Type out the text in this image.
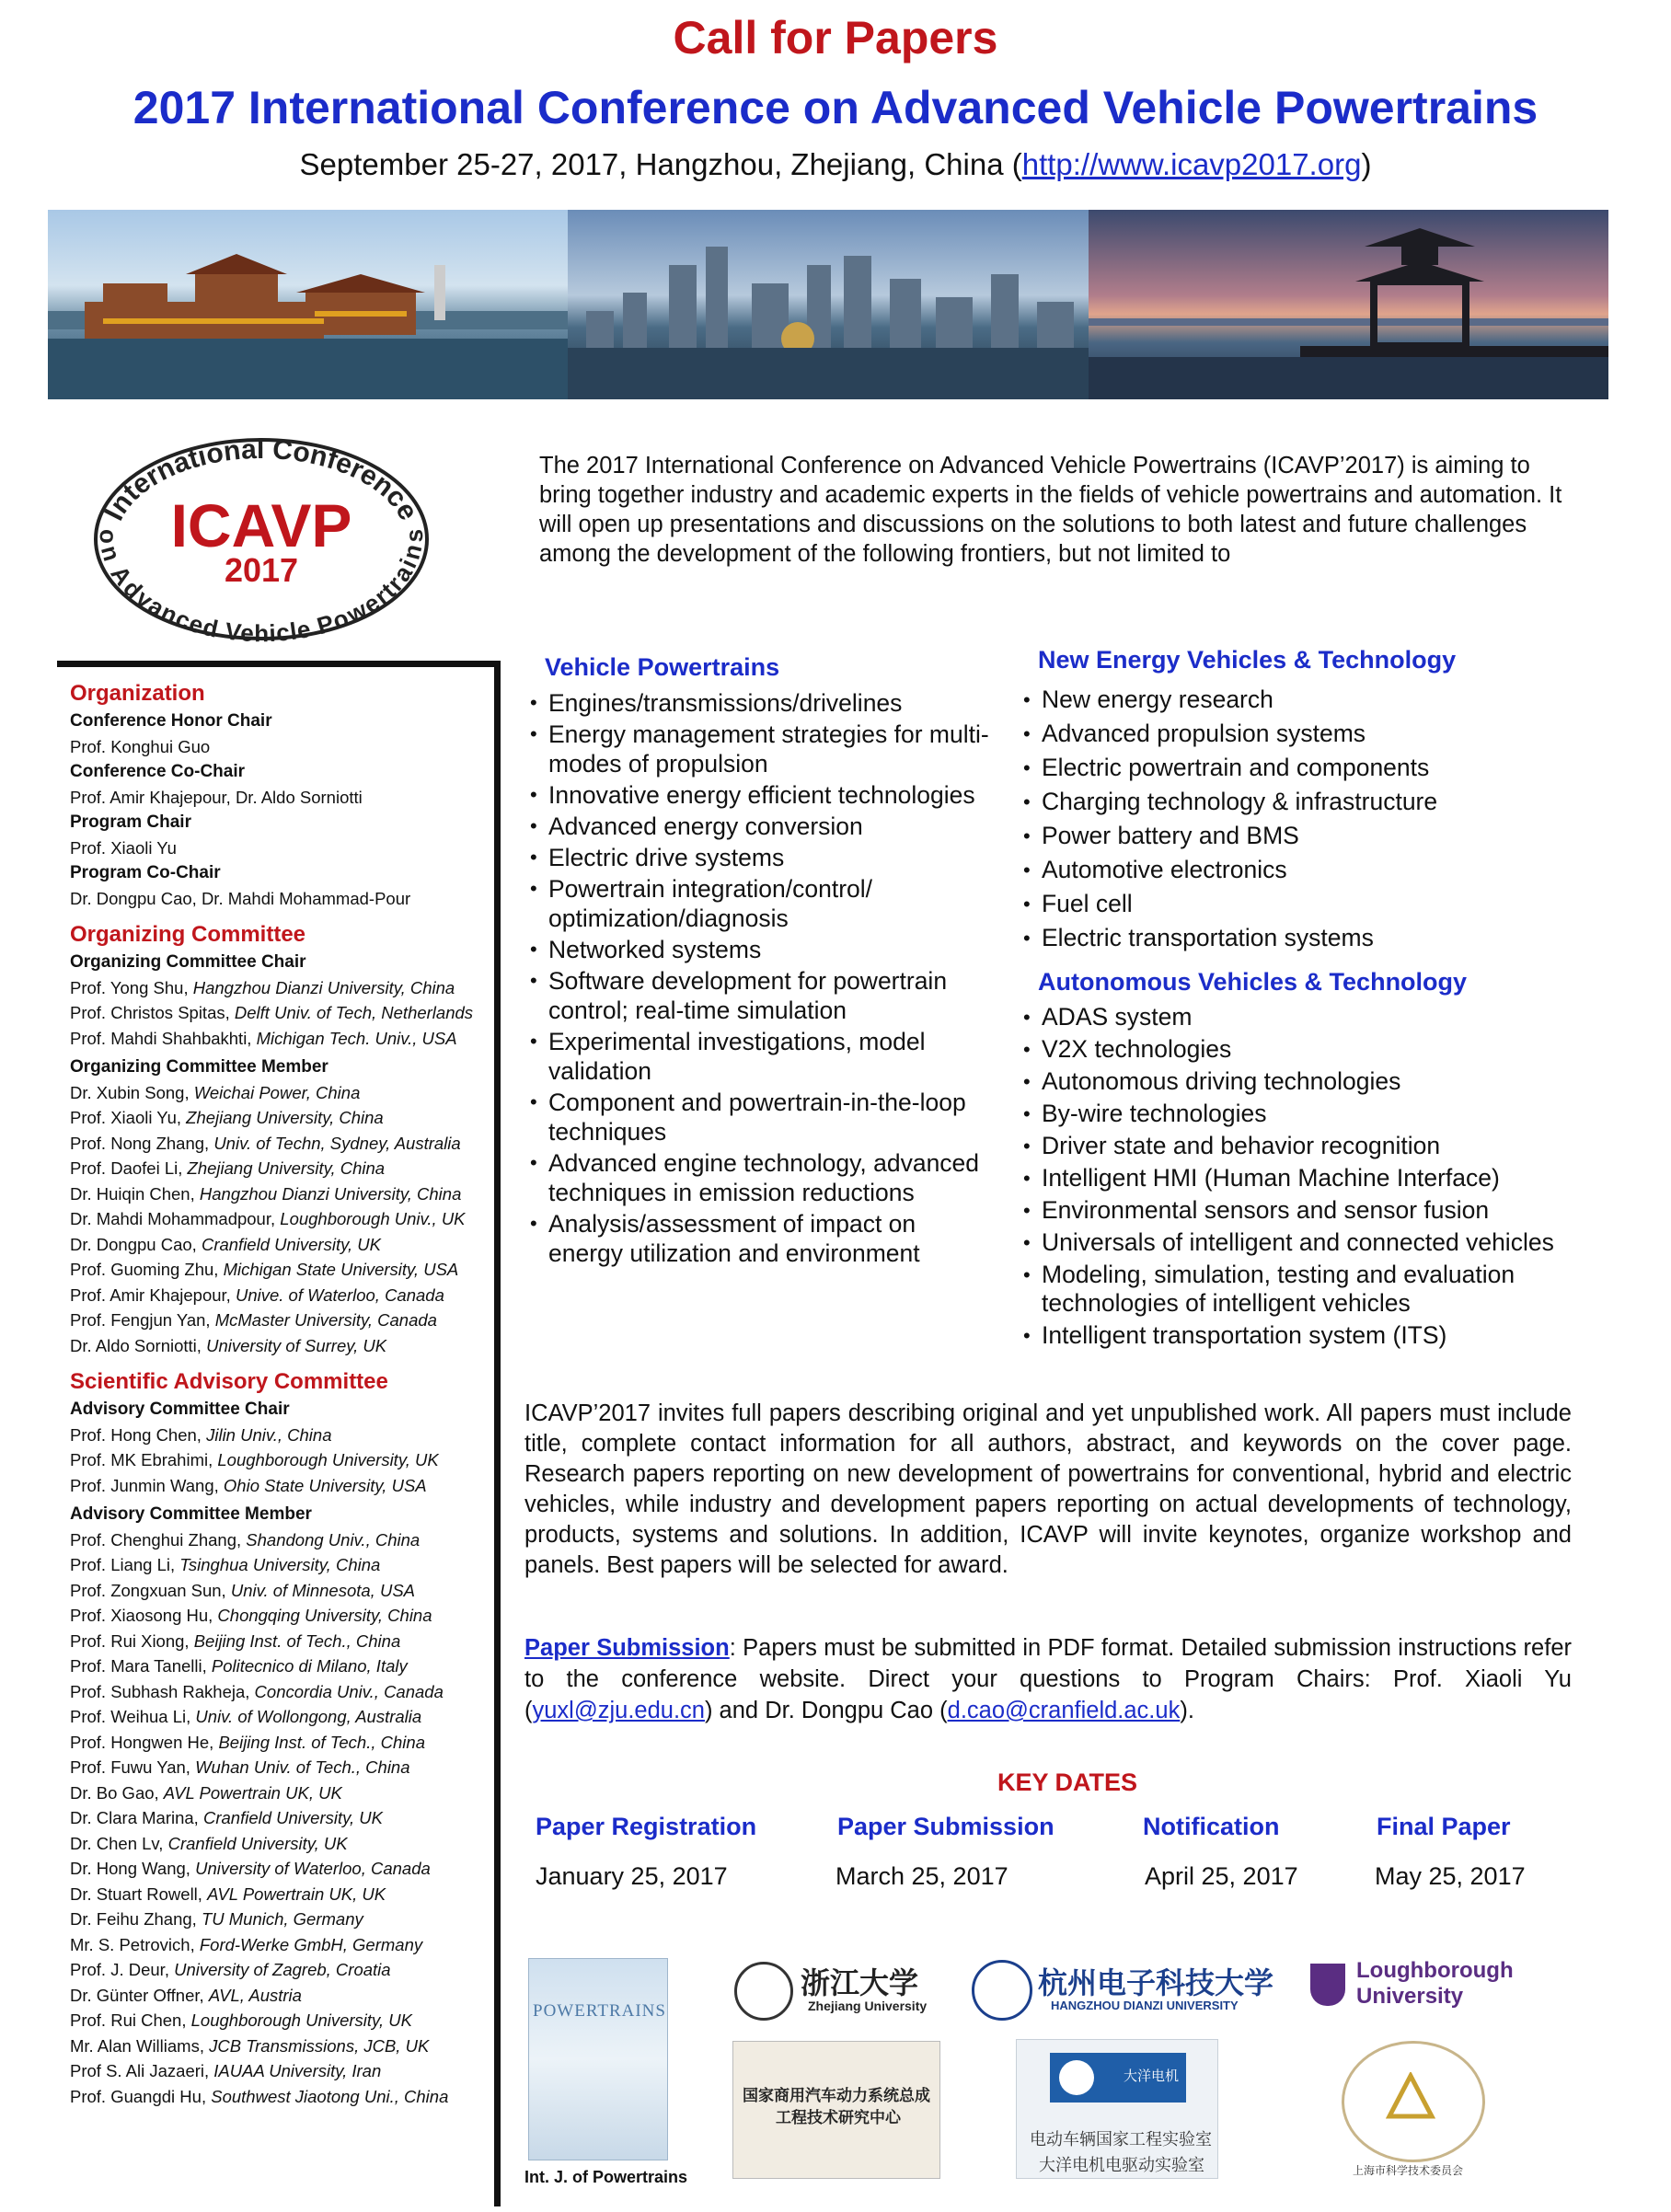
Call for Papers
2017 International Conference on Advanced Vehicle Powertrains
September 25-27, 2017, Hangzhou, Zhejiang, China (http://www.icavp2017.org)
International Conference
on Advanced Vehicle Powertrains
ICAVP
2017
The 2017 International Conference on Advanced Vehicle Powertrains (ICAVP’2017) is aiming to bring together industry and academic experts in the fields of vehicle powertrains and automation. It will open up presentations and discussions on the solutions to both latest and future challenges among the development of the following frontiers, but not limited to
Organization
Conference Honor Chair
Prof. Konghui Guo
Conference Co-Chair
Prof. Amir Khajepour, Dr. Aldo Sorniotti
Program Chair
Prof. Xiaoli Yu
Program Co-Chair
Dr. Dongpu Cao, Dr. Mahdi Mohammad-Pour
Organizing Committee
Organizing Committee Chair
Prof. Yong Shu, Hangzhou Dianzi University, China
Prof. Christos Spitas, Delft Univ. of Tech, Netherlands
Prof. Mahdi Shahbakhti, Michigan Tech. Univ., USA
Organizing Committee Member
Dr. Xubin Song, Weichai Power, China
Prof. Xiaoli Yu, Zhejiang University, China
Prof. Nong Zhang, Univ. of Techn, Sydney, Australia
Prof. Daofei Li, Zhejiang University, China
Dr. Huiqin Chen, Hangzhou Dianzi University, China
Dr. Mahdi Mohammadpour, Loughborough Univ., UK
Dr. Dongpu Cao, Cranfield University, UK
Prof. Guoming Zhu, Michigan State University, USA
Prof. Amir Khajepour, Unive. of Waterloo, Canada
Prof. Fengjun Yan, McMaster University, Canada
Dr. Aldo Sorniotti, University of Surrey, UK
Scientific Advisory Committee
Advisory Committee Chair
Prof. Hong Chen, Jilin Univ., China
Prof. MK Ebrahimi, Loughborough University, UK
Prof. Junmin Wang, Ohio State University, USA
Advisory Committee Member
Prof. Chenghui Zhang, Shandong Univ., China
Prof. Liang Li, Tsinghua University, China
Prof. Zongxuan Sun, Univ. of Minnesota, USA
Prof. Xiaosong Hu, Chongqing University, China
Prof. Rui Xiong, Beijing Inst. of Tech., China
Prof. Mara Tanelli, Politecnico di Milano, Italy
Prof. Subhash Rakheja, Concordia Univ., Canada
Prof. Weihua Li, Univ. of Wollongong, Australia
Prof. Hongwen He, Beijing Inst. of Tech., China
Prof. Fuwu Yan, Wuhan Univ. of Tech., China
Dr. Bo Gao, AVL Powertrain UK, UK
Dr. Clara Marina, Cranfield University, UK
Dr. Chen Lv, Cranfield University, UK
Dr. Hong Wang, University of Waterloo, Canada
Dr. Stuart Rowell, AVL Powertrain UK, UK
Dr. Feihu Zhang, TU Munich, Germany
Mr. S. Petrovich, Ford-Werke GmbH, Germany
Prof. J. Deur, University of Zagreb, Croatia
Dr. Günter Offner, AVL, Austria
Prof. Rui Chen, Loughborough University, UK
Mr. Alan Williams, JCB Transmissions, JCB, UK
Prof S. Ali Jazaeri, IAUAA University, Iran
Prof. Guangdi Hu, Southwest Jiaotong Uni., China
Vehicle Powertrains
• Engines/transmissions/drivelines
• Energy management strategies for multi-modes of propulsion
• Innovative energy efficient technologies
• Advanced energy conversion
• Electric drive systems
• Powertrain integration/control/ optimization/diagnosis
• Networked systems
• Software development for powertrain control; real-time simulation
• Experimental investigations, model validation
• Component and powertrain-in-the-loop techniques
• Advanced engine technology, advanced techniques in emission reductions
• Analysis/assessment of impact on energy utilization and environment
New Energy Vehicles & Technology
• New energy research
• Advanced propulsion systems
• Electric powertrain and components
• Charging technology & infrastructure
• Power battery and BMS
• Automotive electronics
• Fuel cell
• Electric transportation systems
Autonomous Vehicles & Technology
• ADAS system
• V2X technologies
• Autonomous driving technologies
• By-wire technologies
• Driver state and behavior recognition
• Intelligent HMI (Human Machine Interface)
• Environmental sensors and sensor fusion
• Universals of intelligent and connected vehicles
• Modeling, simulation, testing and evaluation technologies of intelligent vehicles
• Intelligent transportation system (ITS)
ICAVP’2017 invites full papers describing original and yet unpublished work. All papers must include title, complete contact information for all authors, abstract, and keywords on the cover page. Research papers reporting on new development of powertrains for conventional, hybrid and electric vehicles, while industry and development papers reporting on actual developments of technology, products, systems and solutions. In addition, ICAVP will invite keynotes, organize workshop and panels. Best papers will be selected for award.
Paper Submission: Papers must be submitted in PDF format. Detailed submission instructions refer to the conference website. Direct your questions to Program Chairs: Prof. Xiaoli Yu (yuxl@zju.edu.cn) and Dr. Dongpu Cao (d.cao@cranfield.ac.uk).
KEY DATES
Paper Registration	Paper Submission	Notification	Final Paper
January 25, 2017	March 25, 2017	April 25, 2017	May 25, 2017
POWERTRAINS
Int. J. of Powertrains
浙江大学
Zhejiang University
杭州电子科技大学
HANGZHOU DIANZI UNIVERSITY
Loughborough
University
国家商用汽车动力系统总成
工程技术研究中心
大洋电机
电动车辆国家工程实验室
大洋电机电驱动实验室	上海市科学技术委员会
